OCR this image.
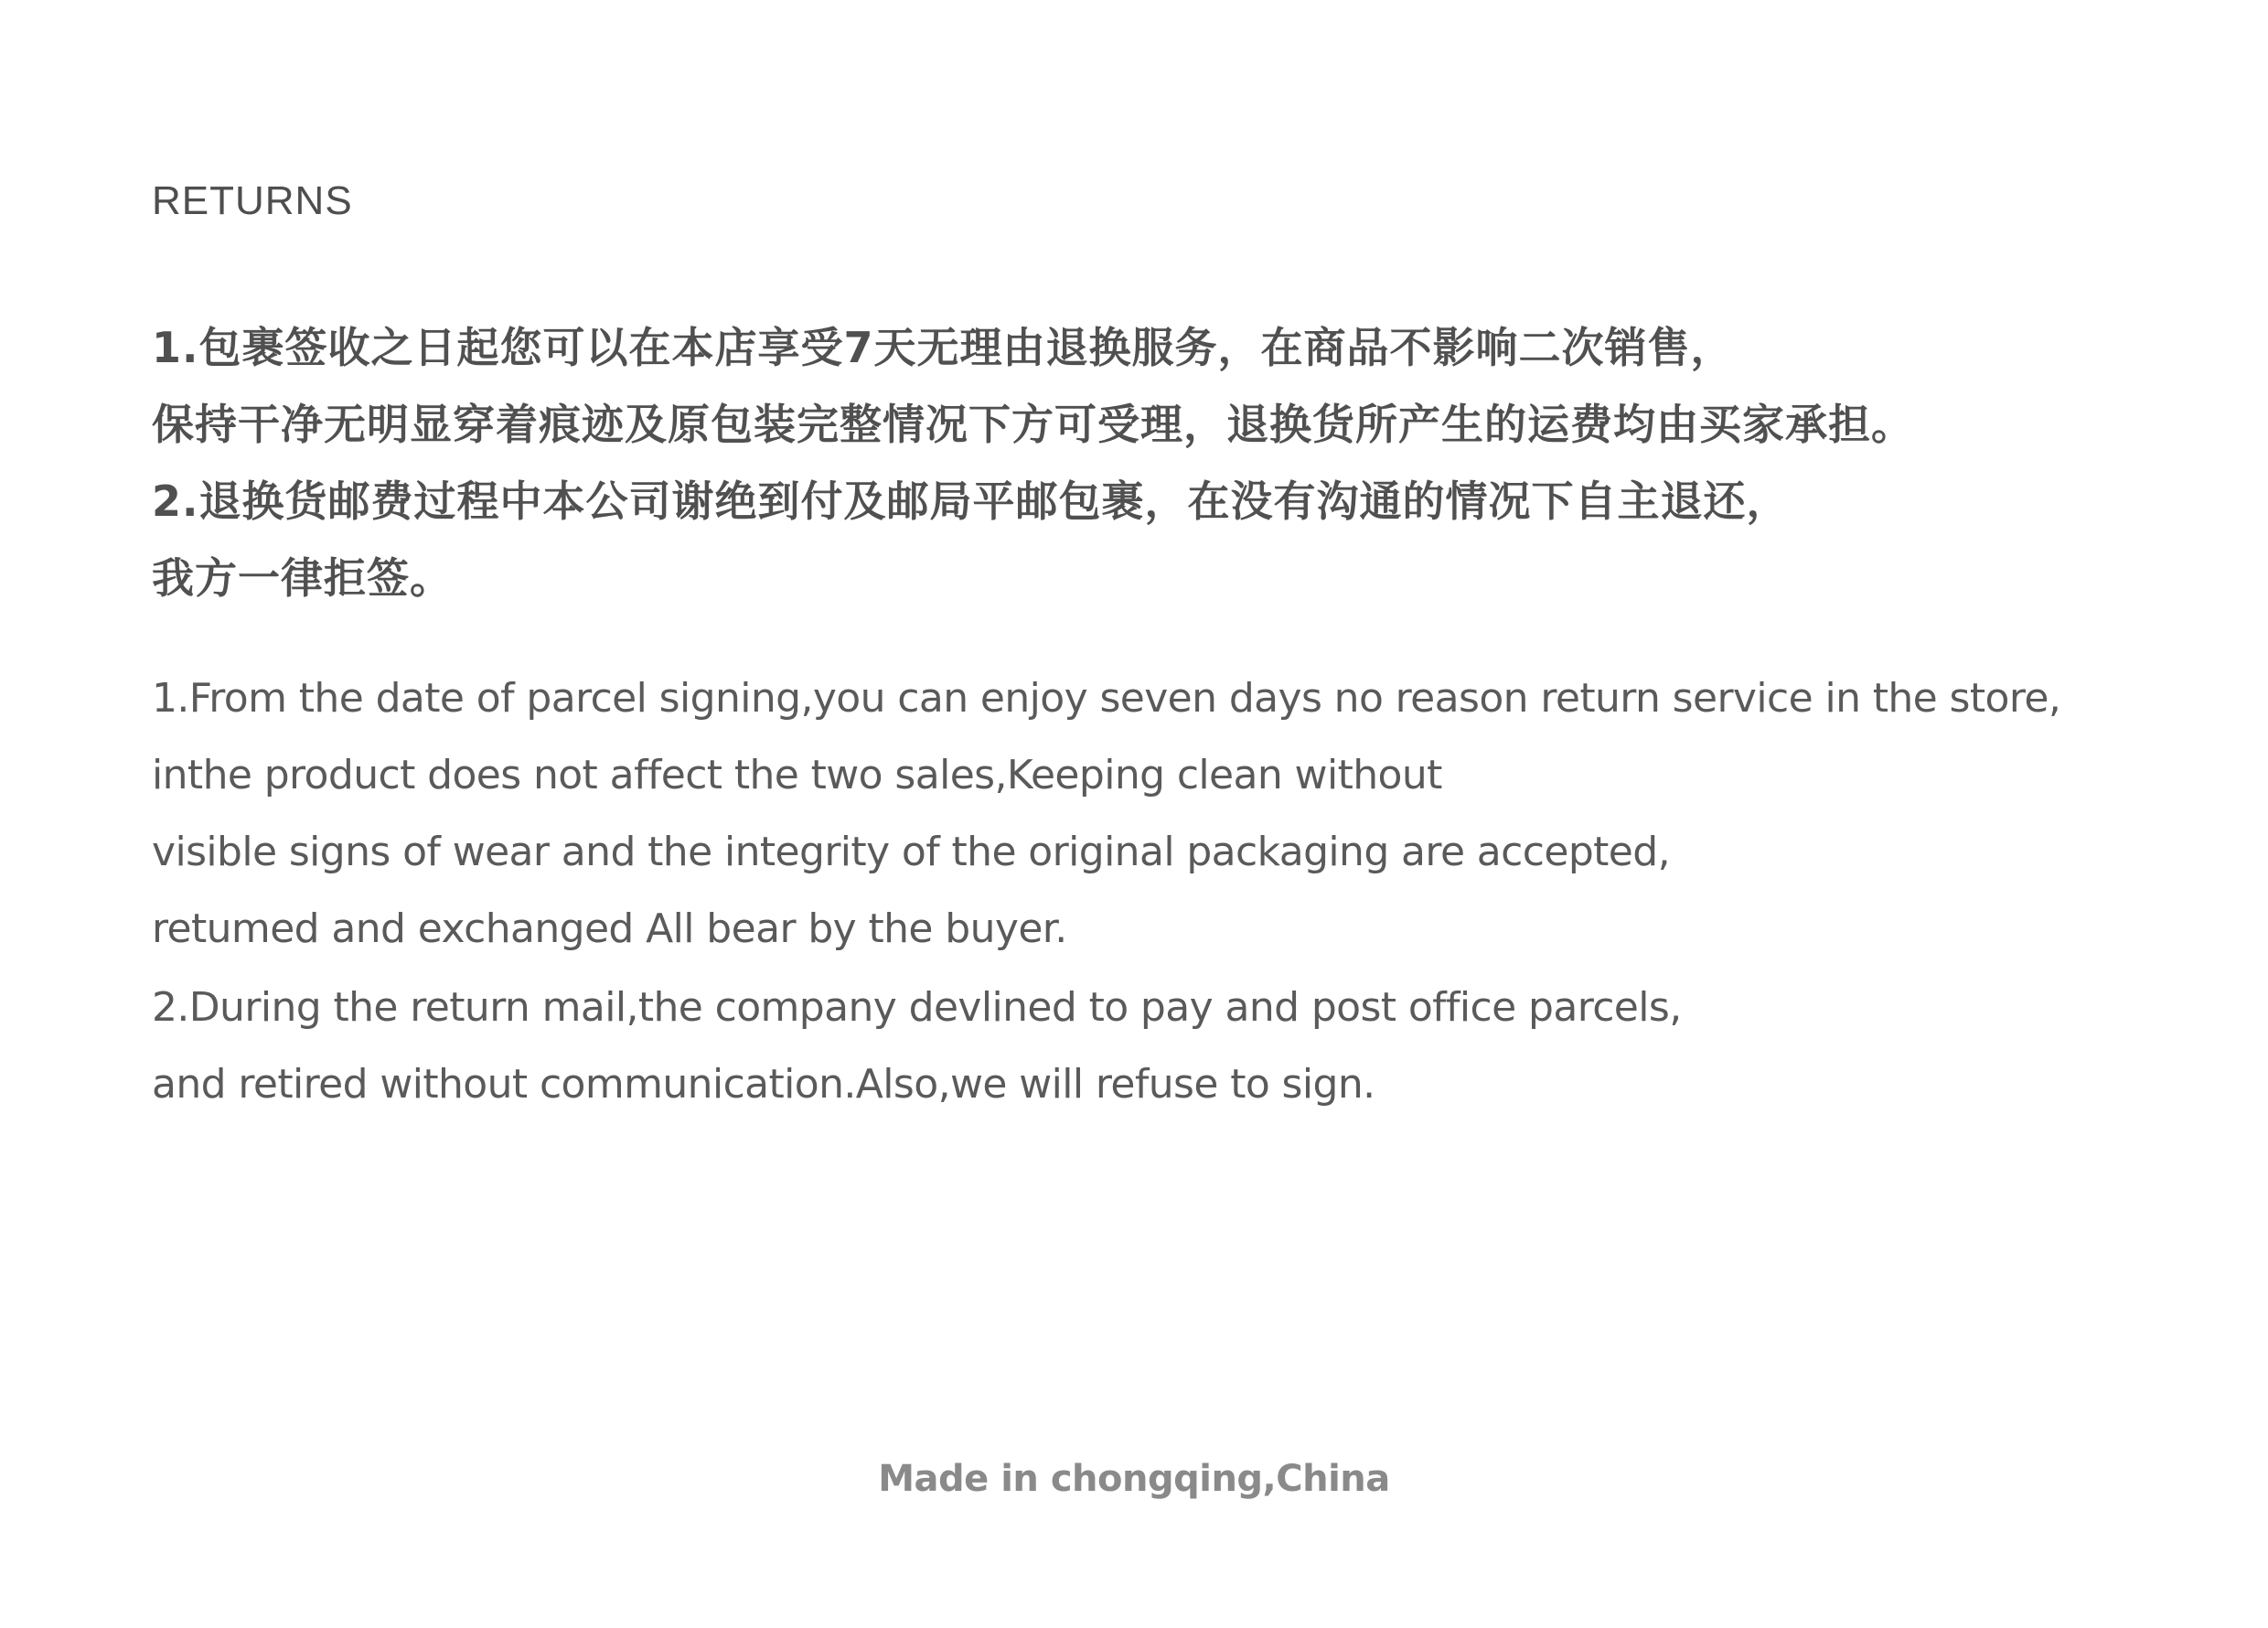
RETURNS
1.包裹签收之日起您可以在本店享受7天无理由退换服务，在商品不影响二次销售，
保持干净无明显穿着痕迹及原包装完整情况下方可受理，退换货所产生的运费均由买家承担。
2.退换货邮费过程中本公司谢绝到付及邮局平邮包裹，在没有沟通的情况下自主退还，
我方一律拒签。
1.From the date of parcel signing,you can enjoy seven days no reason return service in the store,
inthe product does not affect the two sales,Keeping clean without
visible signs of wear and the integrity of the original packaging are accepted,
retumed and exchanged All bear by the buyer.
2.During the return mail,the company devlined to pay and post office parcels,
and retired without communication.Also,we will refuse to sign.
Made in chongqing,China
